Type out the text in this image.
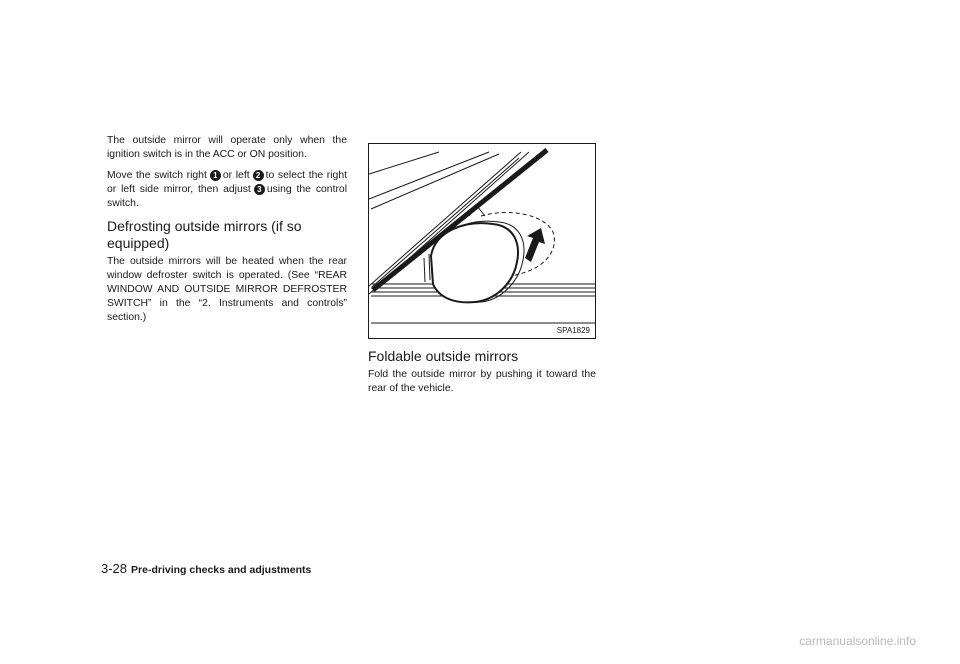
The outside mirror will operate only when the ignition switch is in the ACC or ON position.

Move the switch right 1 or left 2 to select the right or left side mirror, then adjust 3 using the control switch.

Defrosting outside mirrors (if so equipped)

The outside mirrors will be heated when the rear window defroster switch is operated. (See “REAR WINDOW AND OUTSIDE MIRROR DEFROSTER SWITCH” in the “2. Instruments and controls” section.)

SPA1829
Foldable outside mirrors

Fold the outside mirror by pushing it toward the rear of the vehicle.

3-28 Pre-driving checks and adjustments
carmanualsonline.info
